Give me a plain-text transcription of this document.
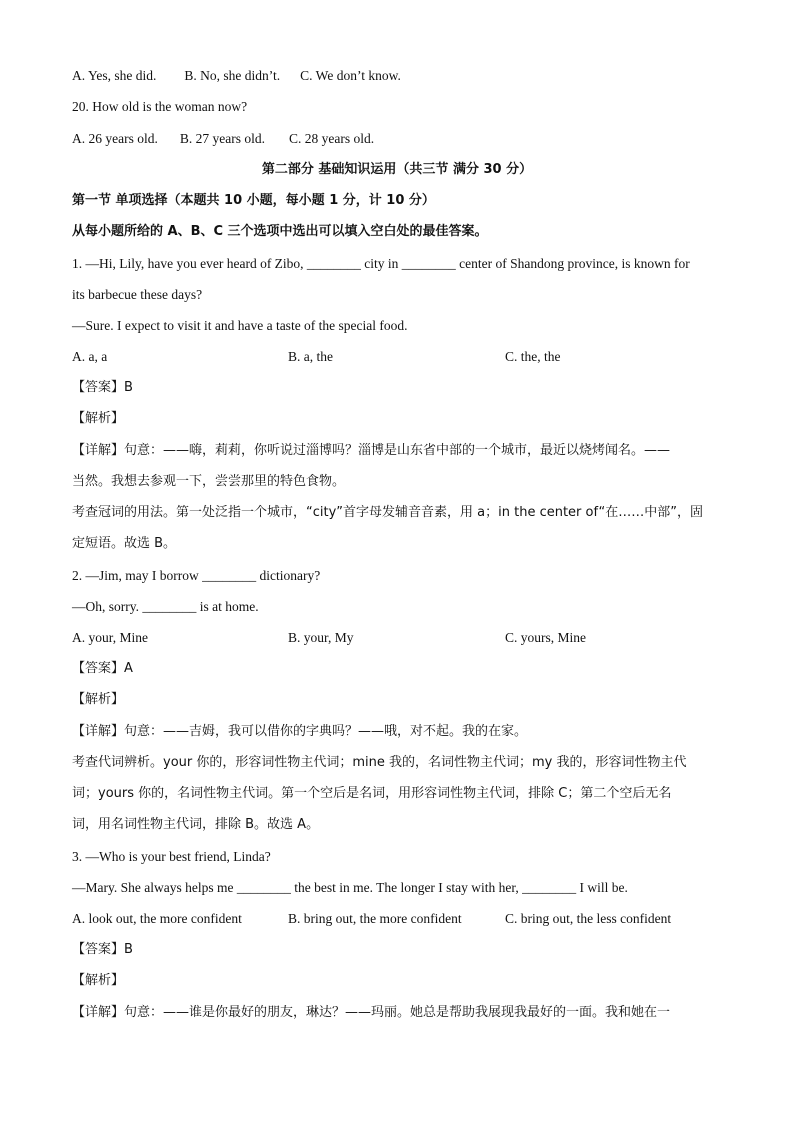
A. Yes, she did. B. No, she didn’t. C. We don’t know.
20. How old is the woman now?
A. 26 years old. B. 27 years old. C. 28 years old.
第二部分 基础知识运用（共三节 满分 30 分）
第一节 单项选择（本题共 10 小题，每小题 1 分，计 10 分）
从每小题所给的 A、B、C 三个选项中选出可以填入空白处的最佳答案。
1. —Hi, Lily, have you ever heard of Zibo, ________ city in ________ center of Shandong province, is known for
its barbecue these days?
—Sure. I expect to visit it and have a taste of the special food.
A. a, a	B. a, the	C. the, the
【答案】B
【解析】
【详解】句意：——嗨，莉莉，你听说过淄博吗？淄博是山东省中部的一个城市，最近以烧烤闻名。——
当然。我想去参观一下，尝尝那里的特色食物。
考查冠词的用法。第一处泛指一个城市，“city”首字母发辅音音素，用 a；in the center of“在……中部”，固
定短语。故选 B。
2. —Jim, may I borrow ________ dictionary?
—Oh, sorry. ________ is at home.
A. your, Mine	B. your, My	C. yours, Mine
【答案】A
【解析】
【详解】句意：——吉姆，我可以借你的字典吗？——哦，对不起。我的在家。
考查代词辨析。your 你的，形容词性物主代词；mine 我的，名词性物主代词；my 我的，形容词性物主代
词；yours 你的，名词性物主代词。第一个空后是名词，用形容词性物主代词，排除 C；第二个空后无名
词，用名词性物主代词，排除 B。故选 A。
3. —Who is your best friend, Linda?
—Mary. She always helps me ________ the best in me. The longer I stay with her, ________ I will be.
A. look out, the more confident	B. bring out, the more confident	C. bring out, the less confident
【答案】B
【解析】
【详解】句意：——谁是你最好的朋友，琳达？——玛丽。她总是帮助我展现我最好的一面。我和她在一
